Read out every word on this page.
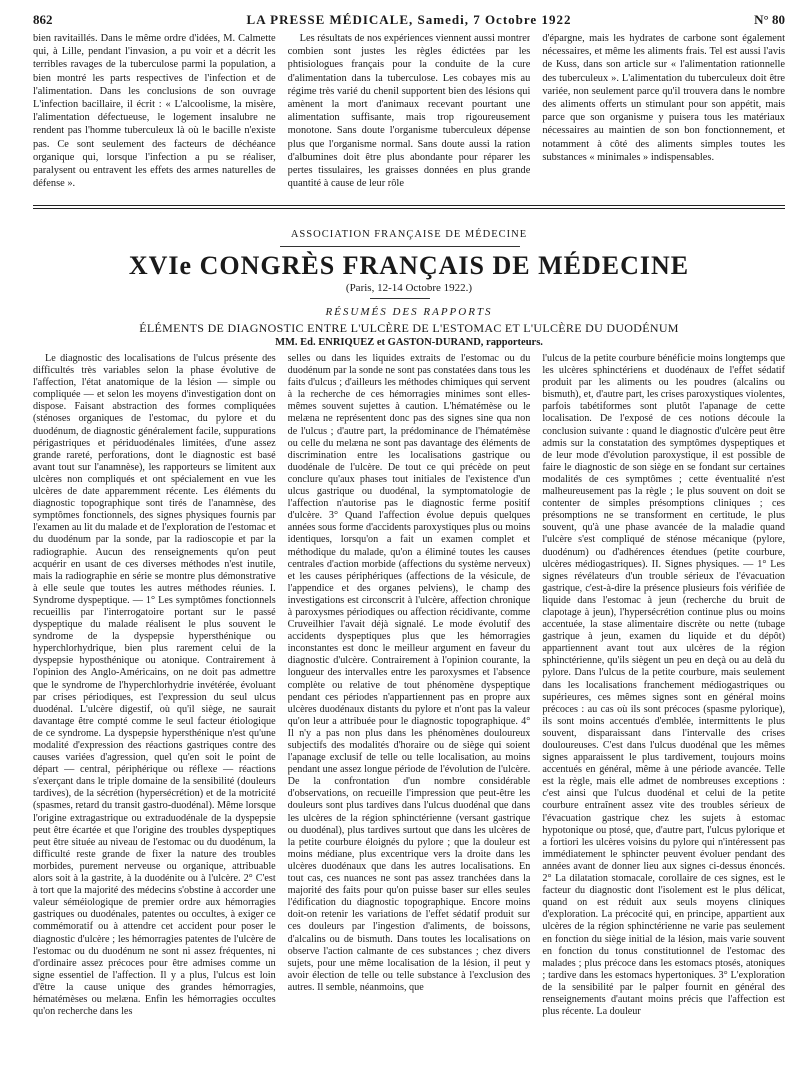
862	LA PRESSE MÉDICALE, Samedi, 7 Octobre 1922	N° 80

bien ravitaillés. Dans le même ordre d'idées, M. Calmette qui, à Lille, pendant l'invasion, a pu voir et a décrit les terribles ravages de la tuberculose parmi la population, a bien montré les parts respectives de l'infection et de l'alimentation. Dans les conclusions de son ouvrage L'infection bacillaire, il écrit : « L'alcoolisme, la misère, l'alimentation défectueuse, le logement insalubre ne rendent pas l'homme tuberculeux là où le bacille n'existe pas. Ce sont seulement des facteurs de déchéance organique qui, lorsque l'infection a pu se réaliser, paralysent ou entravent les effets des armes naturelles de défense ».

Les résultats de nos expériences viennent aussi montrer combien sont justes les règles édictées par les phtisiologues français pour la conduite de la cure d'alimentation dans la tuberculose. Les cobayes mis au régime très varié du chenil supportent bien des lésions qui amènent la mort d'animaux recevant pourtant une alimentation suffisante, mais trop rigoureusement monotone. Sans doute l'organisme tuberculeux dépense plus que l'organisme normal. Sans doute aussi la ration d'albumines doit être plus abondante pour réparer les pertes tissulaires, les graisses données en plus grande quantité à cause de leur rôle

d'épargne, mais les hydrates de carbone sont également nécessaires, et même les aliments frais. Tel est aussi l'avis de Kuss, dans son article sur « l'alimentation rationnelle des tuberculeux ». L'alimentation du tuberculeux doit être variée, non seulement parce qu'il trouvera dans le nombre des aliments offerts un stimulant pour son appétit, mais parce que son organisme y puisera tous les matériaux nécessaires au maintien de son bon fonctionnement, et notamment à côté des aliments simples toutes les substances « minimales » indispensables.

ASSOCIATION FRANÇAISE DE MÉDECINE
XVIe CONGRÈS FRANÇAIS DE MÉDECINE
(Paris, 12-14 Octobre 1922.)
RÉSUMÉS DES RAPPORTS
ÉLÉMENTS DE DIAGNOSTIC ENTRE L'ULCÈRE DE L'ESTOMAC ET L'ULCÈRE DU DUODÉNUM
MM. Ed. ENRIQUEZ et GASTON-DURAND, rapporteurs.

Le diagnostic des localisations de l'ulcus présente des difficultés très variables selon la phase évolutive de l'affection, l'état anatomique de la lésion — simple ou compliquée — et selon les moyens d'investigation dont on dispose. Faisant abstraction des formes compliquées (sténoses organiques de l'estomac, du pylore et du duodénum, de diagnostic généralement facile, suppurations périgastriques et périduodénales limitées, d'une assez grande rareté, perforations, dont le diagnostic est basé avant tout sur l'anamnèse), les rapporteurs se limitent aux ulcères non compliqués et ont spécialement en vue les ulcères de date apparemment récente. Les éléments du diagnostic topographique sont tirés de l'anamnèse, des symptômes fonctionnels, des signes physiques fournis par l'examen au lit du malade et de l'exploration de l'estomac et du duodénum par la sonde, par la radioscopie et par la radiographie. Aucun des renseignements qu'on peut acquérir en usant de ces diverses méthodes n'est inutile, mais la radiographie en série se montre plus démonstrative à elle seule que toutes les autres méthodes réunies. I. Syndrome dyspeptique. — 1° Les symptômes fonctionnels recueillis par l'interrogatoire portant sur le passé dyspeptique du malade réalisent le plus souvent le syndrome de la dyspepsie hypersthénique ou hyperchlorhydrique, bien plus rarement celui de la dyspepsie hyposthénique ou atonique. Contrairement à l'opinion des Anglo-Américains, on ne doit pas admettre que le syndrome de l'hyperchlorhydrie invétérée, évoluant par crises périodiques, est l'expression du seul ulcus duodénal. L'ulcère digestif, où qu'il siège, ne saurait davantage être compté comme le seul facteur étiologique de ce syndrome. La dyspepsie hypersthénique n'est qu'une modalité d'expression des réactions gastriques contre des causes variées d'agression, quel qu'en soit le point de départ — central, périphérique ou réflexe — réactions s'exerçant dans le triple domaine de la sensibilité (douleurs tardives), de la sécrétion (hypersécrétion) et de la motricité (spasmes, retard du transit gastro-duodénal). Même lorsque l'origine extragastrique ou extraduodénale de la dyspepsie peut être écartée et que l'origine des troubles dyspeptiques peut être située au niveau de l'estomac ou du duodénum, la difficulté reste grande de fixer la nature des troubles morbides, purement nerveuse ou organique, attribuable alors soit à la gastrite, à la duodénite ou à l'ulcère. 2° C'est à tort que la majorité des médecins s'obstine à accorder une valeur séméiologique de premier ordre aux hémorragies gastriques ou duodénales, patentes ou occultes, à exiger ce commémoratif ou à attendre cet accident pour poser le diagnostic d'ulcère ; les hémorragies patentes de l'ulcère de l'estomac ou du duodénum ne sont ni assez fréquentes, ni d'ordinaire assez précoces pour être admises comme un signe essentiel de l'affection. Il y a plus, l'ulcus est loin d'être la cause unique des grandes hémorragies, hématémèses ou melæna. Enfin les hémorragies occultes qu'on recherche dans les

selles ou dans les liquides extraits de l'estomac ou du duodénum par la sonde ne sont pas constatées dans tous les faits d'ulcus ; d'ailleurs les méthodes chimiques qui servent à la recherche de ces hémorragies minimes sont elles-mêmes souvent sujettes à caution. L'hématémèse ou le melæna ne représentent donc pas des signes sine qua non de l'ulcus ; d'autre part, la prédominance de l'hématémèse ou celle du melæna ne sont pas davantage des éléments de discrimination entre les localisations gastrique ou duodénale de l'ulcère. De tout ce qui précède on peut conclure qu'aux phases tout initiales de l'existence d'un ulcus gastrique ou duodénal, la symptomatologie de l'affection n'autorise pas le diagnostic ferme positif d'ulcère. 3° Quand l'affection évolue depuis quelques années sous forme d'accidents paroxystiques plus ou moins identiques, lorsqu'on a fait un examen complet et méthodique du malade, qu'on a éliminé toutes les causes centrales d'action morbide (affections du système nerveux) et les causes périphériques (affections de la vésicule, de l'appendice et des organes pelviens), le champ des investigations est circonscrit à l'ulcère, affection chronique à paroxysmes périodiques ou affection récidivante, comme Cruveilhier l'avait déjà signalé. Le mode évolutif des accidents dyspeptiques plus que les hémorragies inconstantes est donc le meilleur argument en faveur du diagnostic d'ulcère. Contrairement à l'opinion courante, la longueur des intervalles entre les paroxysmes et l'absence complète ou relative de tout phénomène dyspeptique pendant ces périodes n'appartiennent pas en propre aux ulcères duodénaux distants du pylore et n'ont pas la valeur qu'on leur a attribuée pour le diagnostic topographique. 4° Il n'y a pas non plus dans les phénomènes douloureux subjectifs des modalités d'horaire ou de siège qui soient l'apanage exclusif de telle ou telle localisation, au moins pendant une assez longue période de l'évolution de l'ulcère. De la confrontation d'un nombre considérable d'observations, on recueille l'impression que peut-être les douleurs sont plus tardives dans l'ulcus duodénal que dans les ulcères de la région sphinctérienne (versant gastrique ou duodénal), plus tardives surtout que dans les ulcères de la petite courbure éloignés du pylore ; que la douleur est moins médiane, plus excentrique vers la droite dans les ulcères duodénaux que dans les autres localisations. En tout cas, ces nuances ne sont pas assez tranchées dans la majorité des faits pour qu'on puisse baser sur elles seules l'édification du diagnostic topographique. Encore moins doit-on retenir les variations de l'effet sédatif produit sur ces douleurs par l'ingestion d'aliments, de boissons, d'alcalins ou de bismuth. Dans toutes les localisations on observe l'action calmante de ces substances ; chez divers sujets, pour une même localisation de la lésion, il peut y avoir élection de telle ou telle substance à l'exclusion des autres. Il semble, néanmoins, que

l'ulcus de la petite courbure bénéficie moins longtemps que les ulcères sphinctériens et duodénaux de l'effet sédatif produit par les aliments ou les poudres (alcalins ou bismuth), et, d'autre part, les crises paroxystiques violentes, parfois tabétiformes sont plutôt l'apanage de cette localisation. De l'exposé de ces notions découle la conclusion suivante : quand le diagnostic d'ulcère peut être admis sur la constatation des symptômes dyspeptiques et de leur mode d'évolution paroxystique, il est possible de faire le diagnostic de son siège en se fondant sur certaines modalités de ces symptômes ; cette éventualité n'est malheureusement pas la règle ; le plus souvent on doit se contenter de simples présomptions cliniques ; ces présomptions ne se transforment en certitude, le plus souvent, qu'à une phase avancée de la maladie quand l'ulcère s'est compliqué de sténose mécanique (pylore, duodénum) ou d'adhérences étendues (petite courbure, ulcères médiogastriques). II. Signes physiques. — 1° Les signes révélateurs d'un trouble sérieux de l'évacuation gastrique, c'est-à-dire la présence plusieurs fois vérifiée de liquide dans l'estomac à jeun (recherche du bruit de clapotage à jeun), l'hypersécrétion continue plus ou moins accentuée, la stase alimentaire discrète ou nette (tubage gastrique à jeun, examen du liquide et du dépôt) appartiennent avant tout aux ulcères de la région sphinctérienne, qu'ils siègent un peu en deçà ou au delà du pylore. Dans l'ulcus de la petite courbure, mais seulement dans les localisations franchement médiogastriques ou supérieures, ces mêmes signes sont en général moins précoces : au cas où ils sont précoces (spasme pylorique), ils sont moins accentués d'emblée, intermittents le plus souvent, disparaissant dans l'intervalle des crises douloureuses. C'est dans l'ulcus duodénal que les mêmes signes apparaissent le plus tardivement, toujours moins accentués en général, même à une période avancée. Telle est la règle, mais elle admet de nombreuses exceptions : c'est ainsi que l'ulcus duodénal et celui de la petite courbure entraînent assez vite des troubles sérieux de l'évacuation gastrique chez les sujets à estomac hypotonique ou ptosé, que, d'autre part, l'ulcus pylorique et a fortiori les ulcères voisins du pylore qui n'intéressent pas immédiatement le sphincter peuvent évoluer pendant des années avant de donner lieu aux signes ci-dessus énoncés. 2° La dilatation stomacale, corollaire de ces signes, est le facteur du diagnostic dont l'isolement est le plus délicat, quand on est réduit aux seuls moyens cliniques d'exploration. La précocité qui, en principe, appartient aux ulcères de la région sphinctérienne ne varie pas seulement en fonction du siège initial de la lésion, mais varie souvent en fonction du tonus constitutionnel de l'estomac des malades ; plus précoce dans les estomacs ptosés, atoniques ; tardive dans les estomacs hypertoniques. 3° L'exploration de la sensibilité par le palper fournit en général des renseignements d'autant moins précis que l'affection est plus récente. La douleur
